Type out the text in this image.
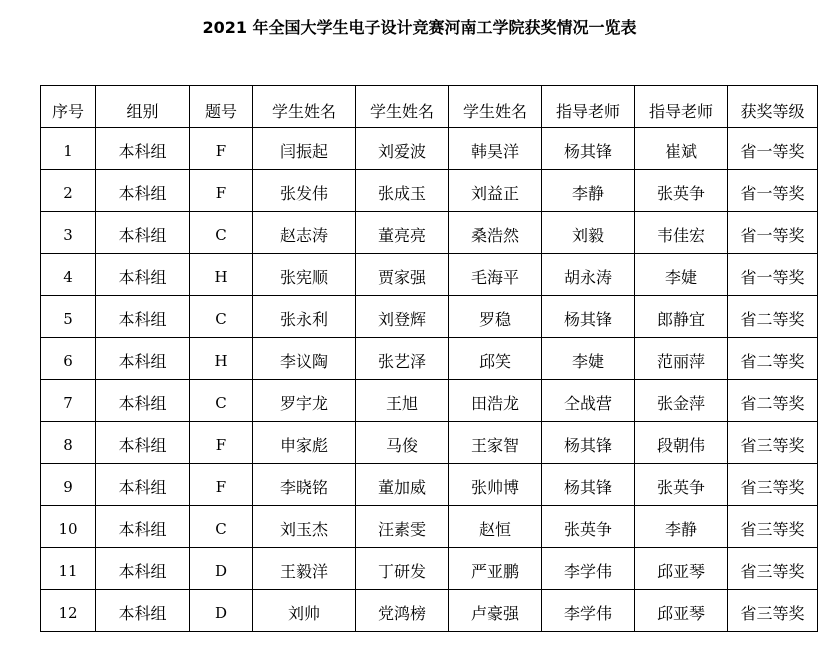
2021 年全国大学生电子设计竞赛河南工学院获奖情况一览表
序号	组别	题号	学生姓名	学生姓名	学生姓名	指导老师	指导老师	获奖等级
1	本科组	F	闫振起	刘爱波	韩昊洋	杨其锋	崔斌	省一等奖
2	本科组	F	张发伟	张成玉	刘益正	李静	张英争	省一等奖
3	本科组	C	赵志涛	董亮亮	桑浩然	刘毅	韦佳宏	省一等奖
4	本科组	H	张宪顺	贾家强	毛海平	胡永涛	李婕	省一等奖
5	本科组	C	张永利	刘登辉	罗稳	杨其锋	郎静宜	省二等奖
6	本科组	H	李议陶	张艺泽	邱笑	李婕	范丽萍	省二等奖
7	本科组	C	罗宇龙	王旭	田浩龙	仝战营	张金萍	省二等奖
8	本科组	F	申家彪	马俊	王家智	杨其锋	段朝伟	省三等奖
9	本科组	F	李晓铭	董加威	张帅博	杨其锋	张英争	省三等奖
10	本科组	C	刘玉杰	汪素雯	赵恒	张英争	李静	省三等奖
11	本科组	D	王毅洋	丁研发	严亚鹏	李学伟	邱亚琴	省三等奖
12	本科组	D	刘帅	党鸿榜	卢豪强	李学伟	邱亚琴	省三等奖
